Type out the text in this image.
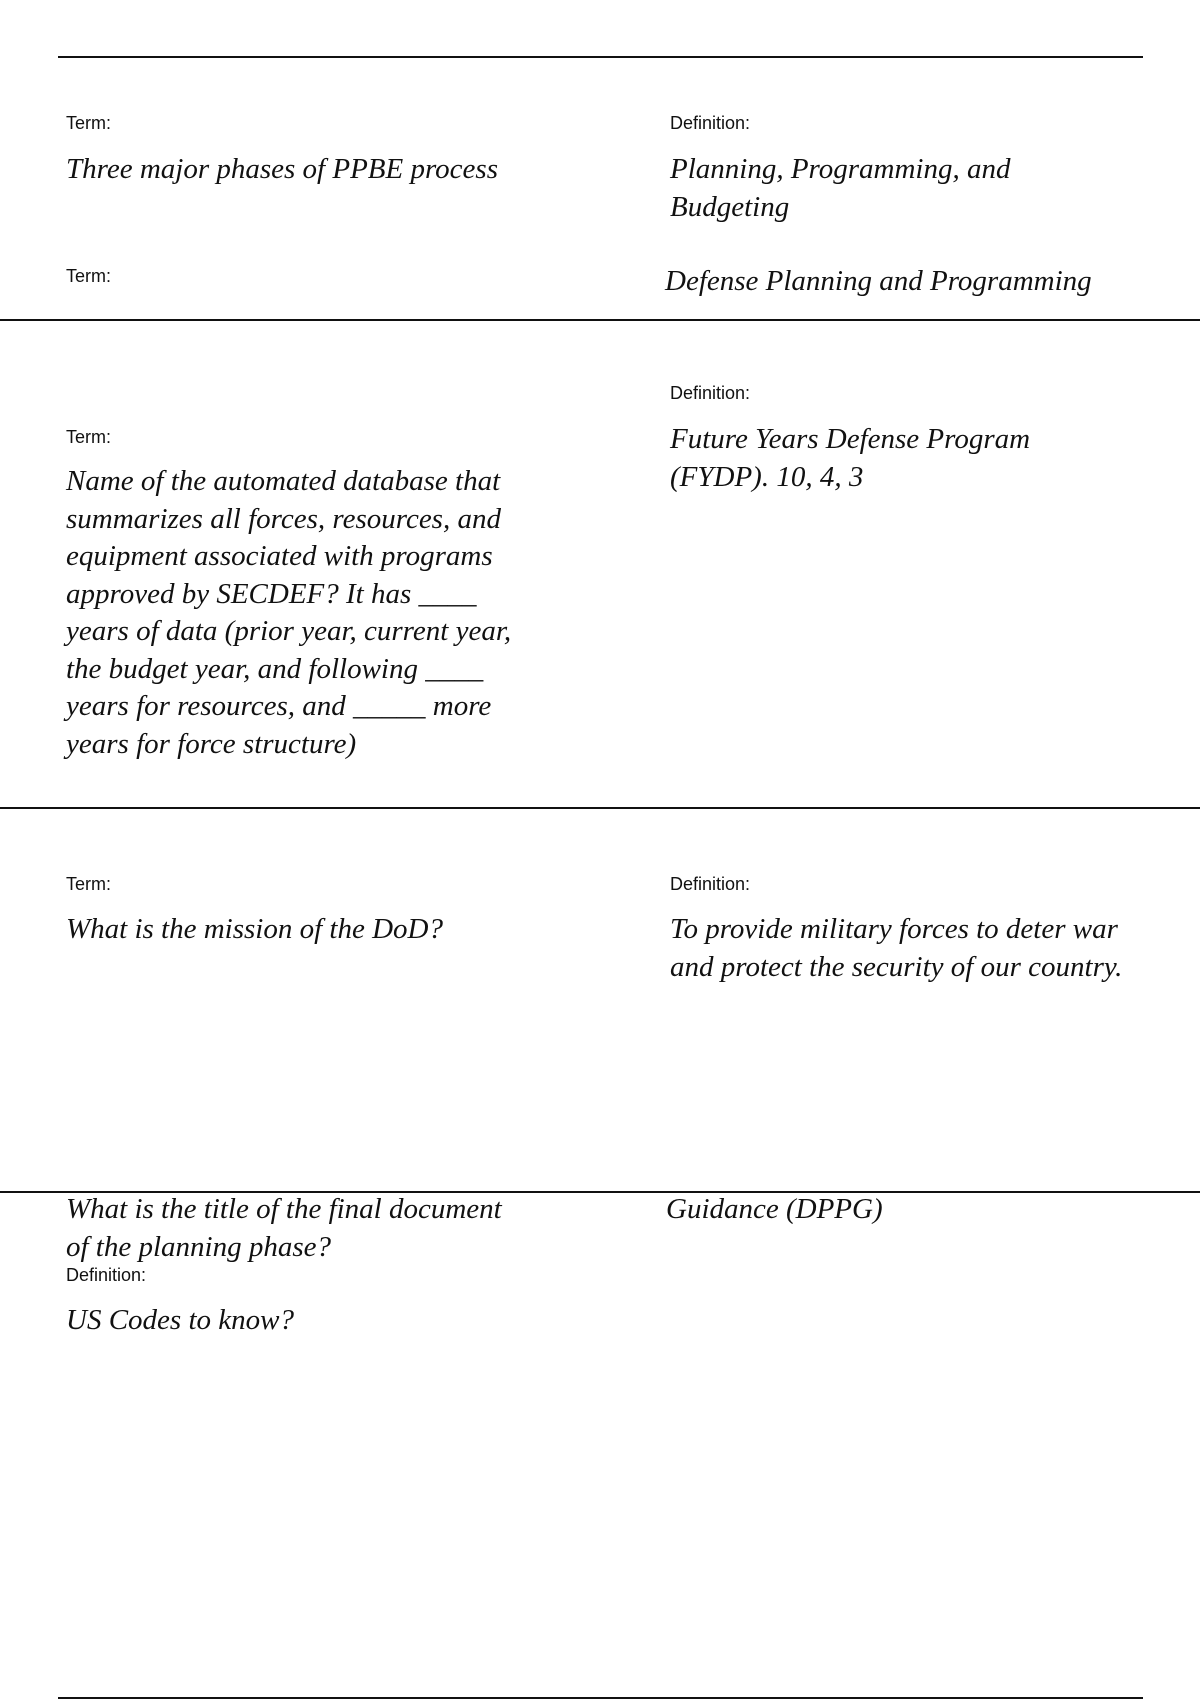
Term:
Three major phases of PPBE process
Definition:
Planning, Programming, and Budgeting
Term:	Defense Planning and Programming
Definition:
Future Years Defense Program (FYDP). 10, 4, 3
Term:
Name of the automated database that summarizes all forces, resources, and equipment associated with programs approved by SECDEF? It has ____ years of data (prior year, current year, the budget year, and following ____ years for resources, and _____ more years for force structure)
Term:
What is the mission of the DoD?
Definition:
To provide military forces to deter war and protect the security of our country.
What is the title of the final document of the planning phase?
Guidance (DPPG)
Definition:
US Codes to know?
